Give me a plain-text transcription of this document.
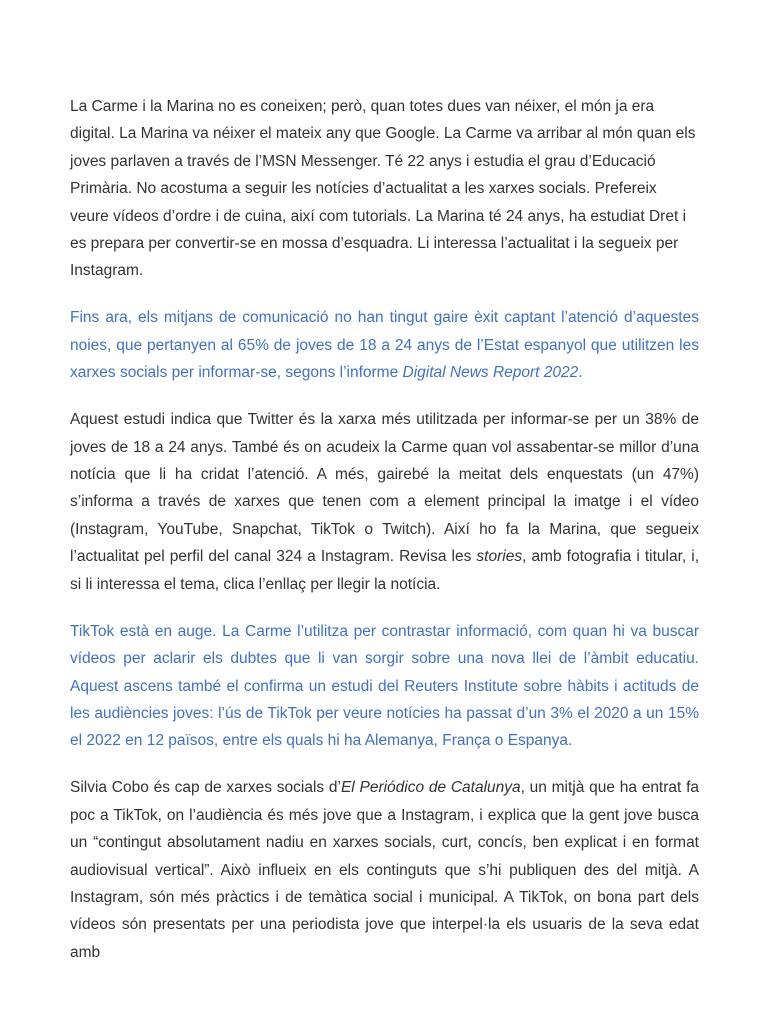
La Carme i la Marina no es coneixen; però, quan totes dues van néixer, el món ja era digital. La Marina va néixer el mateix any que Google. La Carme va arribar al món quan els joves parlaven a través de l’MSN Messenger. Té 22 anys i estudia el grau d’Educació Primària. No acostuma a seguir les notícies d’actualitat a les xarxes socials. Prefereix veure vídeos d’ordre i de cuina, així com tutorials. La Marina té 24 anys, ha estudiat Dret i es prepara per convertir-se en mossa d’esquadra. Li interessa l’actualitat i la segueix per Instagram.

Fins ara, els mitjans de comunicació no han tingut gaire èxit captant l’atenció d’aquestes noies, que pertanyen al 65% de joves de 18 a 24 anys de l’Estat espanyol que utilitzen les xarxes socials per informar-se, segons l’informe Digital News Report 2022.

Aquest estudi indica que Twitter és la xarxa més utilitzada per informar-se per un 38% de joves de 18 a 24 anys. També és on acudeix la Carme quan vol assabentar-se millor d’una notícia que li ha cridat l’atenció. A més, gairebé la meitat dels enquestats (un 47%) s’informa a través de xarxes que tenen com a element principal la imatge i el vídeo (Instagram, YouTube, Snapchat, TikTok o Twitch). Així ho fa la Marina, que segueix l’actualitat pel perfil del canal 324 a Instagram. Revisa les stories, amb fotografia i titular, i, si li interessa el tema, clica l’enllaç per llegir la notícia.

TikTok està en auge. La Carme l’utilitza per contrastar informació, com quan hi va buscar vídeos per aclarir els dubtes que li van sorgir sobre una nova llei de l’àmbit educatiu. Aquest ascens també el confirma un estudi del Reuters Institute sobre hàbits i actituds de les audiències joves: l’ús de TikTok per veure notícies ha passat d’un 3% el 2020 a un 15% el 2022 en 12 països, entre els quals hi ha Alemanya, França o Espanya.

Silvia Cobo és cap de xarxes socials d’El Periódico de Catalunya, un mitjà que ha entrat fa poc a TikTok, on l’audiència és més jove que a Instagram, i explica que la gent jove busca un “contingut absolutament nadiu en xarxes socials, curt, concís, ben explicat i en format audiovisual vertical”. Això influeix en els continguts que s’hi publiquen des del mitjà. A Instagram, són més pràctics i de temàtica social i municipal. A TikTok, on bona part dels vídeos són presentats per una periodista jove que interpel·la els usuaris de la seva edat amb
